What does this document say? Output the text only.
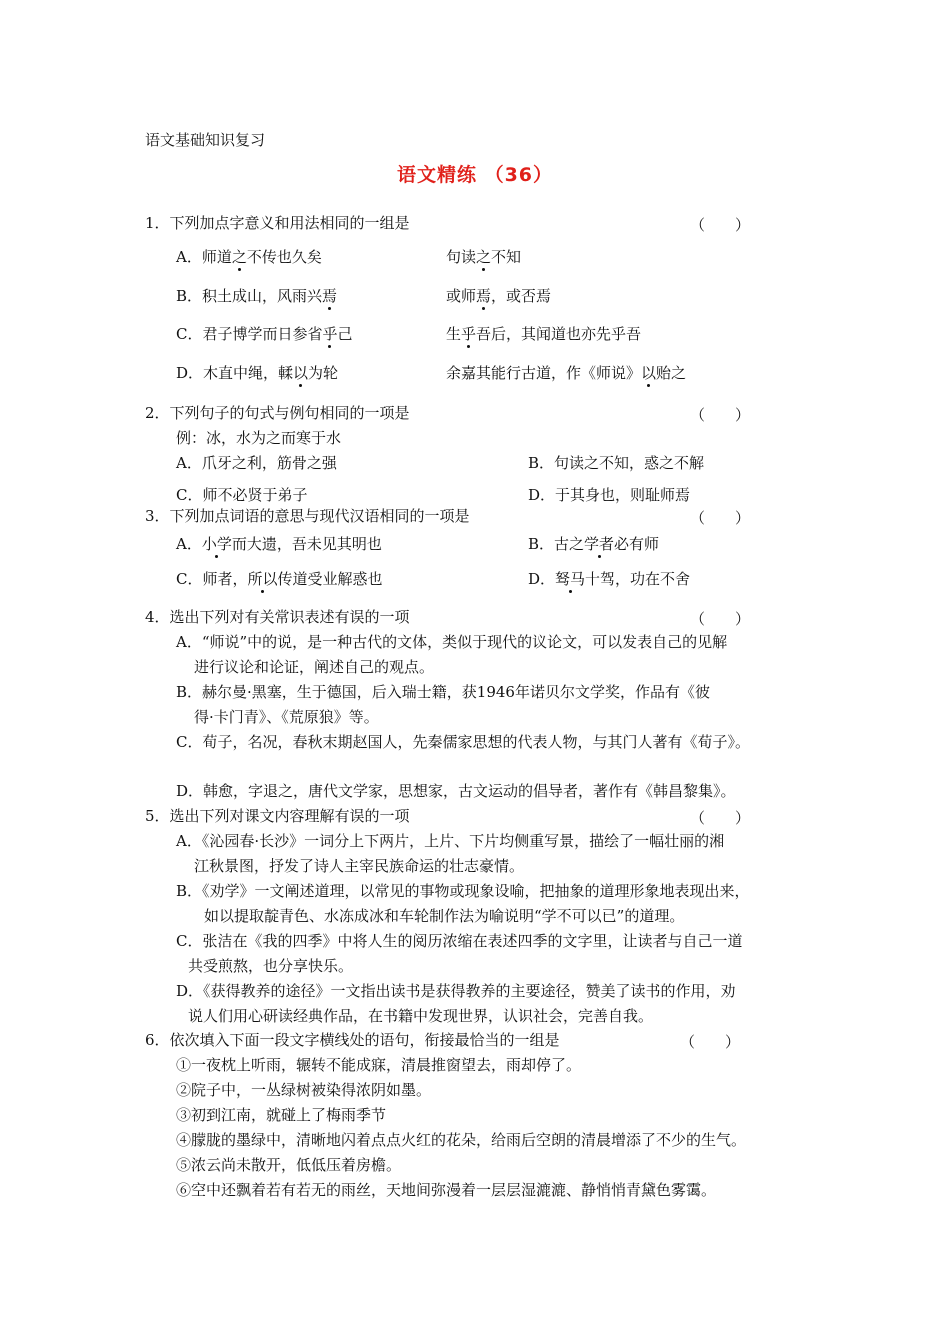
语文基础知识复习
语文精练 （36）
1．下列加点字意义和用法相同的一组是	（　　）
A．师道之不传也久矣	句读之不知
B．积土成山，风雨兴焉	或师焉，或否焉
C．君子博学而日参省乎己	生乎吾后，其闻道也亦先乎吾
D．木直中绳，輮以为轮	余嘉其能行古道，作《师说》以贻之
2．下列句子的句式与例句相同的一项是	（　　）
例：冰，水为之而寒于水
A．爪牙之利，筋骨之强	B．句读之不知，惑之不解
C．师不必贤于弟子	D．于其身也，则耻师焉
3．下列加点词语的意思与现代汉语相同的一项是	（　　）
A．小学而大遗，吾未见其明也	B．古之学者必有师
C．师者，所以传道受业解惑也	D．驽马十驾，功在不舍
4．选出下列对有关常识表述有误的一项	（　　）
A．“师说”中的说，是一种古代的文体，类似于现代的议论文，可以发表自己的见解
进行议论和论证，阐述自己的观点。
B．赫尔曼·黑塞，生于德国，后入瑞士籍，获1946年诺贝尔文学奖，作品有《彼
得·卡门青》、《荒原狼》等。
C．荀子，名况，春秋末期赵国人，先秦儒家思想的代表人物，与其门人著有《荀子》。
D．韩愈，字退之，唐代文学家，思想家，古文运动的倡导者，著作有《韩昌黎集》。
5．选出下列对课文内容理解有误的一项	（　　）
A．《沁园春·长沙》一词分上下两片，上片、下片均侧重写景，描绘了一幅壮丽的湘
江秋景图，抒发了诗人主宰民族命运的壮志豪情。
B．《劝学》一文阐述道理，以常见的事物或现象设喻，把抽象的道理形象地表现出来，
如以提取靛青色、水冻成冰和车轮制作法为喻说明“学不可以已”的道理。
C．张洁在《我的四季》中将人生的阅历浓缩在表述四季的文字里，让读者与自己一道
共受煎熬，也分享快乐。
D．《获得教养的途径》一文指出读书是获得教养的主要途径，赞美了读书的作用，劝
说人们用心研读经典作品，在书籍中发现世界，认识社会，完善自我。
6．依次填入下面一段文字横线处的语句，衔接最恰当的一组是	（　　）
①一夜枕上听雨，辗转不能成寐，清晨推窗望去，雨却停了。
②院子中，一丛绿树被染得浓阴如墨。
③初到江南，就碰上了梅雨季节
④朦胧的墨绿中，清晰地闪着点点火红的花朵，给雨后空朗的清晨增添了不少的生气。
⑤浓云尚未散开，低低压着房檐。
⑥空中还飘着若有若无的雨丝，天地间弥漫着一层层湿漉漉、静悄悄青黛色雾霭。
